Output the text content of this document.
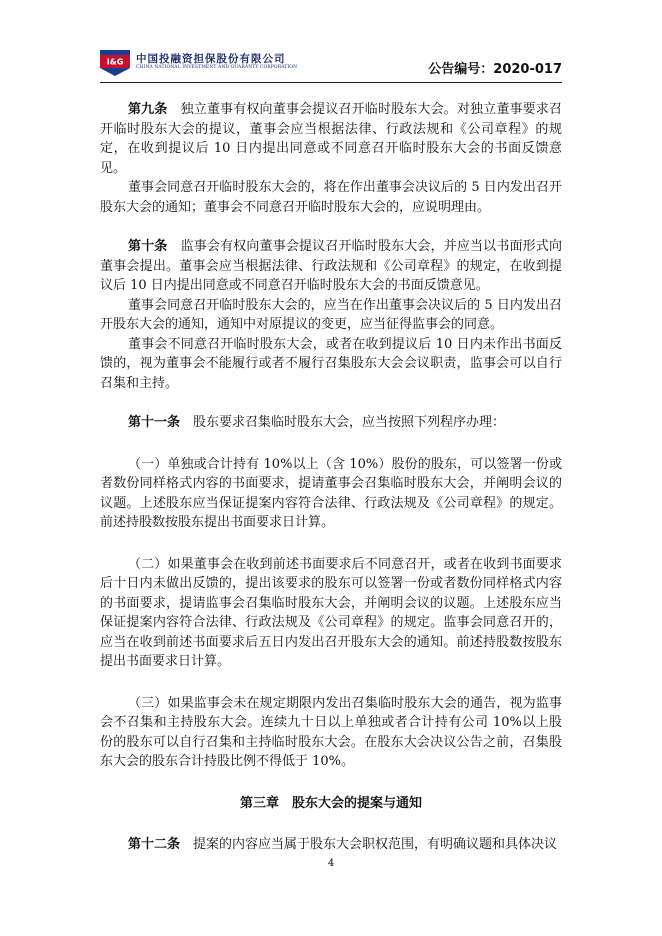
I&G 中国投融资担保股份有限公司
CHINA NATIONAL INVESTMENT AND GUARANTY CORPORATION	公告编号：2020-017

第九条　 独立董事有权向董事会提议召开临时股东大会。对独立董事要求召开临时股东大会的提议，董事会应当根据法律、行政法规和《公司章程》的规定，在收到提议后 10 日内提出同意或不同意召开临时股东大会的书面反馈意见。

董事会同意召开临时股东大会的，将在作出董事会决议后的 5 日内发出召开股东大会的通知；董事会不同意召开临时股东大会的，应说明理由。

第十条　 监事会有权向董事会提议召开临时股东大会，并应当以书面形式向董事会提出。董事会应当根据法律、行政法规和《公司章程》的规定，在收到提议后 10 日内提出同意或不同意召开临时股东大会的书面反馈意见。

董事会同意召开临时股东大会的，应当在作出董事会决议后的 5 日内发出召开股东大会的通知，通知中对原提议的变更，应当征得监事会的同意。

董事会不同意召开临时股东大会，或者在收到提议后 10 日内未作出书面反馈的，视为董事会不能履行或者不履行召集股东大会会议职责，监事会可以自行召集和主持。

第十一条　 股东要求召集临时股东大会，应当按照下列程序办理：

（一）单独或合计持有 10%以上（含 10%）股份的股东，可以签署一份或者数份同样格式内容的书面要求，提请董事会召集临时股东大会，并阐明会议的议题。上述股东应当保证提案内容符合法律、行政法规及《公司章程》的规定。前述持股数按股东提出书面要求日计算。

（二）如果董事会在收到前述书面要求后不同意召开，或者在收到书面要求后十日内未做出反馈的，提出该要求的股东可以签署一份或者数份同样格式内容的书面要求，提请监事会召集临时股东大会，并阐明会议的议题。上述股东应当保证提案内容符合法律、行政法规及《公司章程》的规定。监事会同意召开的，应当在收到前述书面要求后五日内发出召开股东大会的通知。前述持股数按股东提出书面要求日计算。

（三）如果监事会未在规定期限内发出召集临时股东大会的通告，视为监事会不召集和主持股东大会。连续九十日以上单独或者合计持有公司 10%以上股份的股东可以自行召集和主持临时股东大会。在股东大会决议公告之前，召集股东大会的股东合计持股比例不得低于 10%。

第三章　股东大会的提案与通知

第十二条　 提案的内容应当属于股东大会职权范围，有明确议题和具体决议

4
